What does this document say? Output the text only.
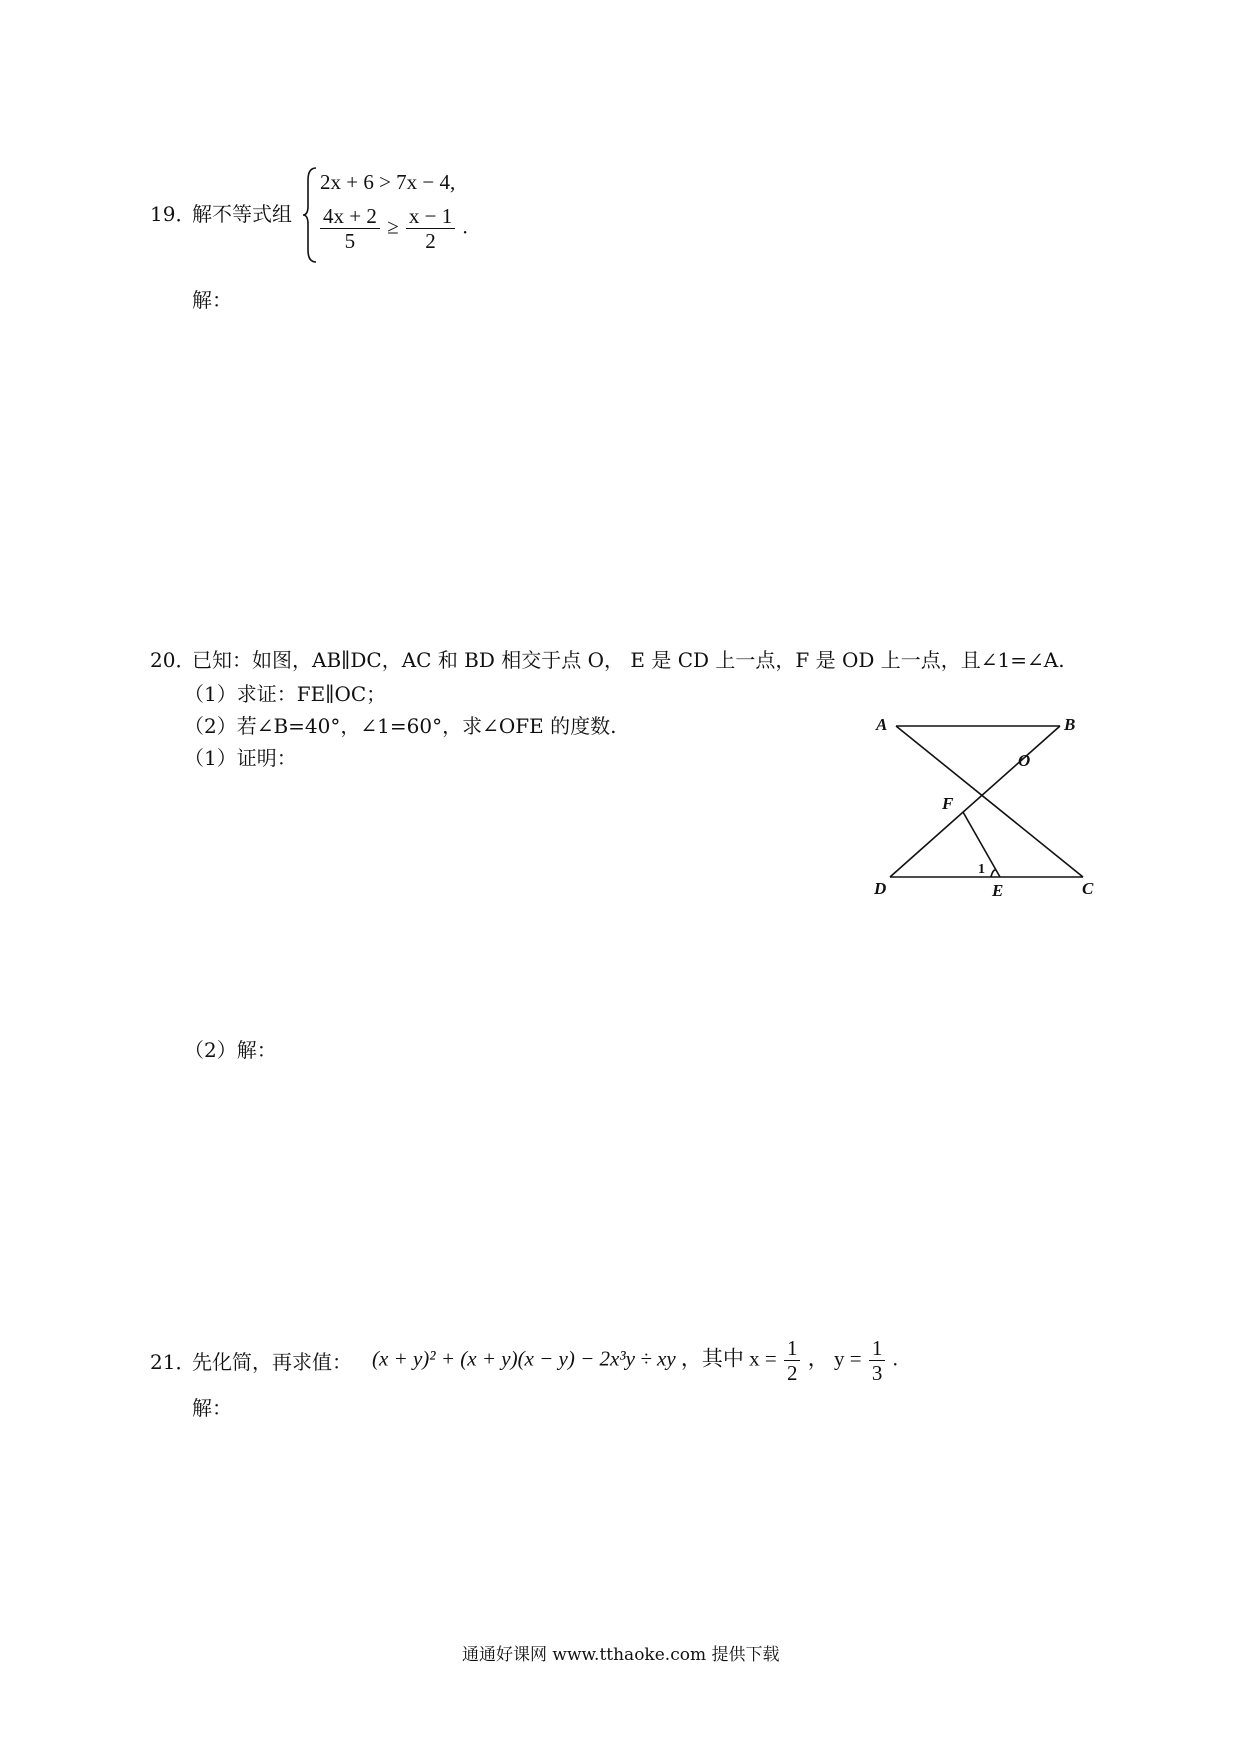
19．
解不等式组
2x + 6 > 7x − 4,
$\frac{4x + 2}{5} \ge \frac{x - 1}{2}$ .
解：
20．
已知：如图，AB∥DC，AC 和 BD 相交于点 O， E 是 CD 上一点，F 是 OD 上一点，且∠1=∠A.
（1）求证：FE∥OC；
（2）若∠B=40°，∠1=60°，求∠OFE 的度数.
（1）证明：
A	B
O
F
D	E	C
1
（2）解：
21．
先化简，再求值： (x + y)² + (x + y)(x − y) − 2x³y ÷ xy ，其中 $x = \frac{1}{2}$ ， $y = \frac{1}{3}$ .
解：
通通好课网 www.tthaoke.com 提供下载
